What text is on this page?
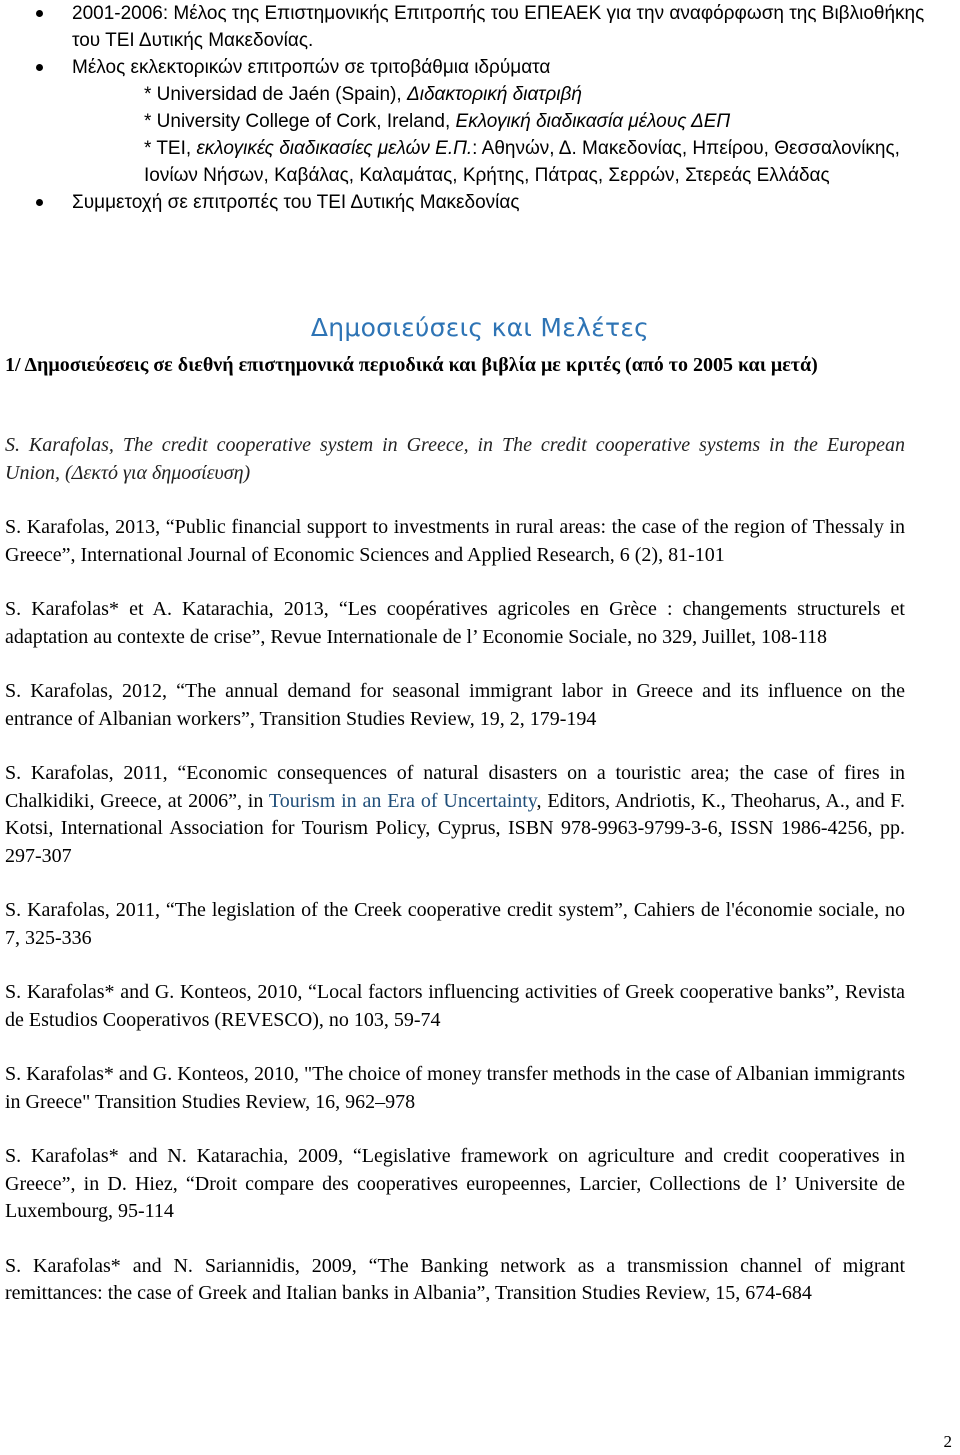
2001-2006: Μέλος της Επιστημονικής Επιτροπής του ΕΠΕΑΕΚ για την αναφόρφωση της Βιβλιοθήκης του ΤΕΙ Δυτικής Μακεδονίας.
Μέλος εκλεκτορικών επιτροπών σε τριτοβάθμια ιδρύματα
* Universidad de Jaén (Spain), Διδακτορική διατριβή
* University College of Cork, Ireland, Εκλογική διαδικασία μέλους ΔΕΠ
* ΤΕΙ, εκλογικές διαδικασίες μελών Ε.Π.: Αθηνών, Δ. Μακεδονίας, Ηπείρου, Θεσσαλονίκης, Ιονίων Νήσων, Καβάλας, Καλαμάτας, Κρήτης, Πάτρας, Σερρών, Στερεάς Ελλάδας
Συμμετοχή σε επιτροπές του ΤΕΙ Δυτικής Μακεδονίας
Δημοσιεύσεις και Μελέτες
1/ Δημοσιεύεσεις σε διεθνή επιστημονικά περιοδικά και βιβλία με κριτές (από το 2005 και μετά)

S. Karafolas, The credit cooperative system in Greece, in The credit cooperative systems in the European Union, (Δεκτό για δημοσίευση)

S. Karafolas, 2013, “Public financial support to investments in rural areas: the case of the region of Thessaly in Greece”, International Journal of Economic Sciences and Applied Research, 6 (2), 81-101

S. Karafolas* et A. Katarachia, 2013, “Les coopératives agricoles en Grèce : changements structurels et adaptation au contexte de crise”, Revue Internationale de l’ Economie Sociale, no 329, Juillet, 108-118

S. Karafolas, 2012, “The annual demand for seasonal immigrant labor in Greece and its influence on the entrance of Albanian workers”, Transition Studies Review, 19, 2, 179-194

S. Karafolas, 2011, “Economic consequences of natural disasters on a touristic area; the case of fires in Chalkidiki, Greece, at 2006”, in Tourism in an Era of Uncertainty, Editors, Andriotis, K., Theoharus, A., and F. Kotsi, International Association for Tourism Policy, Cyprus, ISBN 978-9963-9799-3-6, ISSN 1986-4256, pp. 297-307

S. Karafolas, 2011, “The legislation of the Creek cooperative credit system”, Cahiers de l'économie sociale, no 7, 325-336

S. Karafolas* and G. Konteos, 2010, “Local factors influencing activities of Greek cooperative banks”, Revista de Estudios Cooperativos (REVESCO), no 103, 59-74

S. Karafolas* and G. Konteos, 2010, "The choice of money transfer methods in the case of Albanian immigrants in Greece" Transition Studies Review, 16, 962–978

S. Karafolas* and N. Katarachia, 2009, “Legislative framework on agriculture and credit cooperatives in Greece”, in D. Hiez, “Droit compare des cooperatives europeennes, Larcier, Collections de l’ Universite de Luxembourg, 95-114

S. Karafolas* and N. Sariannidis, 2009, “The Banking network as a transmission channel of migrant remittances: the case of Greek and Italian banks in Albania”, Transition Studies Review, 15, 674-684

2
